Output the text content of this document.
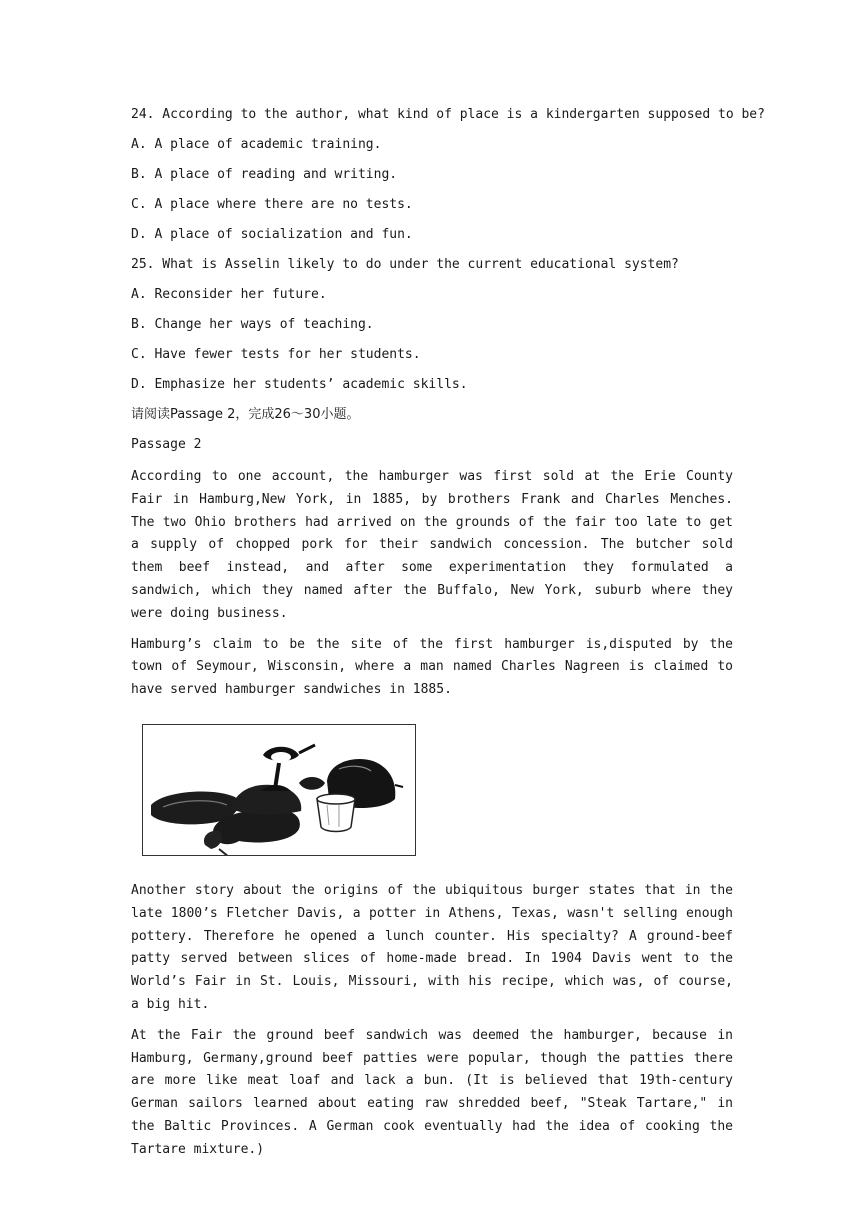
24. According to the author, what kind of place is a kindergarten supposed to be?
A. A place of academic training.
B. A place of reading and writing.
C. A place where there are no tests.
D. A place of socialization and fun.
25. What is Asselin likely to do under the current educational system?
A. Reconsider her future.
B. Change her ways of teaching.
C. Have fewer tests for her students.
D. Emphasize her students’ academic skills.
请阅读Passage 2，完成26～30小题。
Passage 2

According to one account, the hamburger was first sold at the Erie County Fair in Hamburg,New York, in 1885, by brothers Frank and Charles Menches. The two Ohio brothers had arrived on the grounds of the fair too late to get a supply of chopped pork for their sandwich concession. The butcher sold them beef instead, and after some experimentation they formulated a sandwich, which they named after the Buffalo, New York, suburb where they were doing business.

Hamburg’s claim to be the site of the first hamburger is,disputed by the town of Seymour, Wisconsin, where a man named Charles Nagreen is claimed to have served hamburger sandwiches in 1885.

Another story about the origins of the ubiquitous burger states that in the late 1800’s Fletcher Davis, a potter in Athens, Texas, wasn't selling enough pottery. Therefore he opened a lunch counter. His specialty? A ground-beef patty served between slices of home-made bread. In 1904 Davis went to the World’s Fair in St. Louis, Missouri, with his recipe, which was, of course, a big hit.

At the Fair the ground beef sandwich was deemed the hamburger, because in Hamburg, Germany,ground beef patties were popular, though the patties there are more like meat loaf and lack a bun. (It is believed that 19th-century German sailors learned about eating raw shredded beef, "Steak Tartare," in the Baltic Provinces. A German cook eventually had the idea of cooking the Tartare mixture.)
